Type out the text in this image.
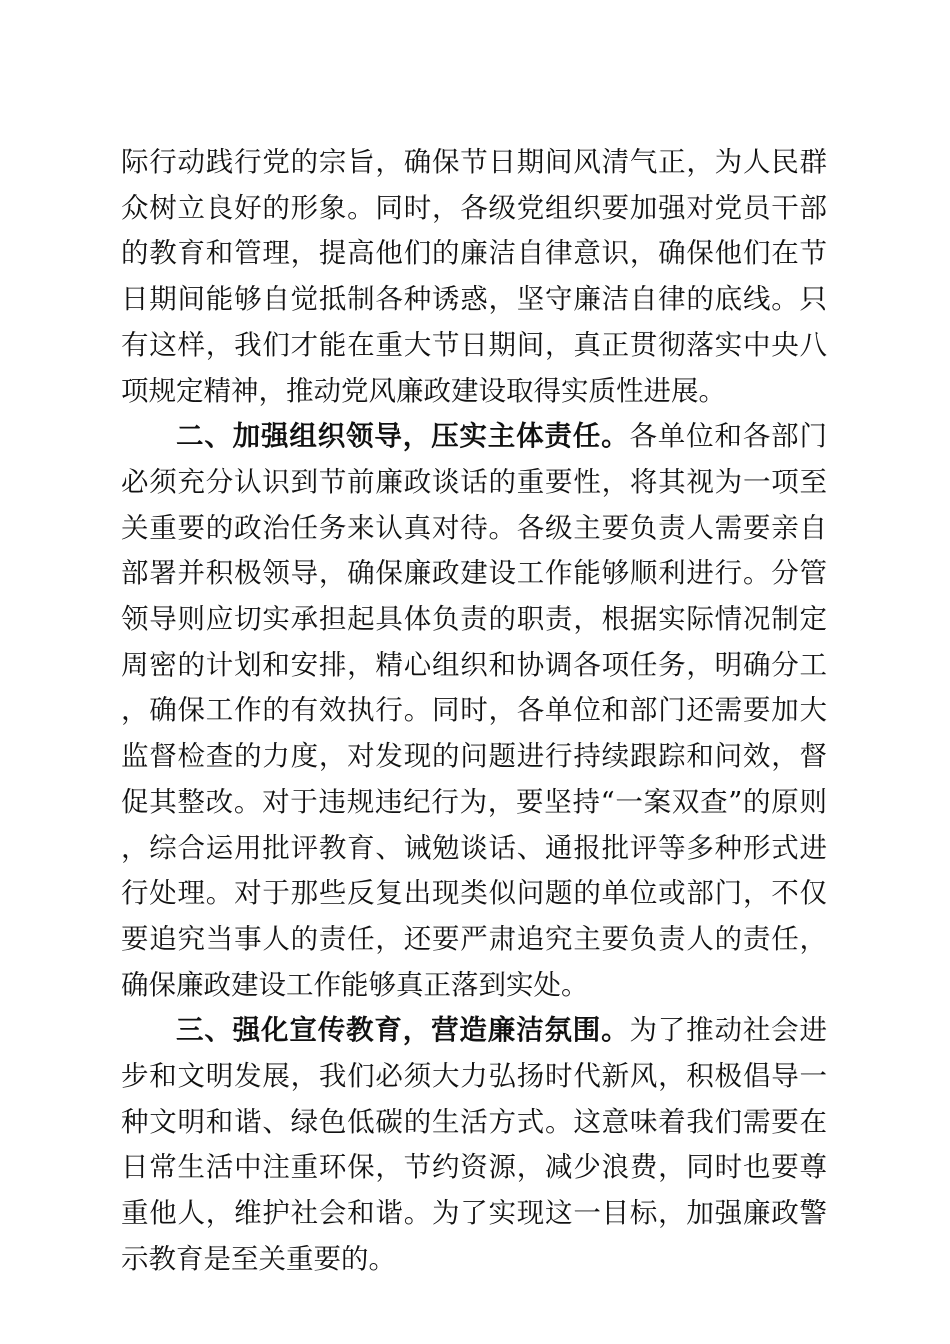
际行动践行党的宗旨，确保节日期间风清气正，为人民群众树立良好的形象。同时，各级党组织要加强对党员干部的教育和管理，提高他们的廉洁自律意识，确保他们在节日期间能够自觉抵制各种诱惑，坚守廉洁自律的底线。只有这样，我们才能在重大节日期间，真正贯彻落实中央八项规定精神，推动党风廉政建设取得实质性进展。

二、加强组织领导，压实主体责任。各单位和各部门必须充分认识到节前廉政谈话的重要性，将其视为一项至关重要的政治任务来认真对待。各级主要负责人需要亲自部署并积极领导，确保廉政建设工作能够顺利进行。分管领导则应切实承担起具体负责的职责，根据实际情况制定周密的计划和安排，精心组织和协调各项任务，明确分工，确保工作的有效执行。同时，各单位和部门还需要加大监督检查的力度，对发现的问题进行持续跟踪和问效，督促其整改。对于违规违纪行为，要坚持“一案双查”的原则，综合运用批评教育、诫勉谈话、通报批评等多种形式进行处理。对于那些反复出现类似问题的单位或部门，不仅要追究当事人的责任，还要严肃追究主要负责人的责任，确保廉政建设工作能够真正落到实处。

三、强化宣传教育，营造廉洁氛围。为了推动社会进步和文明发展，我们必须大力弘扬时代新风，积极倡导一种文明和谐、绿色低碳的生活方式。这意味着我们需要在日常生活中注重环保，节约资源，减少浪费，同时也要尊重他人，维护社会和谐。为了实现这一目标，加强廉政警示教育是至关重要的。
